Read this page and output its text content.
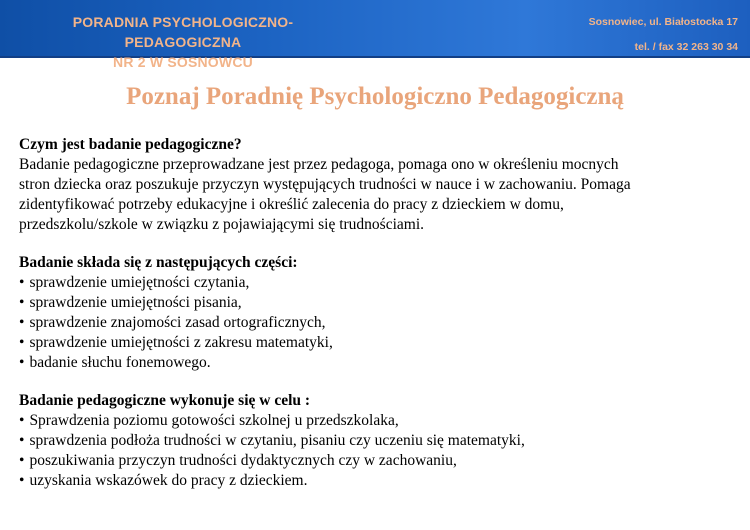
PORADNIA PSYCHOLOGICZNO- PEDAGOGICZNA
NR 2 W SOSNOWCU
Sosnowiec, ul. Białostocka 17
tel. / fax 32 263 30 34
Poznaj Poradnię Psychologiczno Pedagogiczną
Czym jest badanie pedagogiczne?

Badanie pedagogiczne przeprowadzane jest przez pedagoga, pomaga ono w określeniu mocnych
stron dziecka oraz poszukuje przyczyn występujących trudności w nauce i w zachowaniu. Pomaga
zidentyfikować potrzeby edukacyjne i określić zalecenia do pracy z dzieckiem w domu,
przedszkolu/szkole w związku z pojawiającymi się trudnościami.

Badanie składa się z następujących części:
• sprawdzenie umiejętności czytania,
• sprawdzenie umiejętności pisania,
• sprawdzenie znajomości zasad ortograficznych,
• sprawdzenie umiejętności z zakresu matematyki,
• badanie słuchu fonemowego.
Badanie pedagogiczne wykonuje się w celu :
• Sprawdzenia poziomu gotowości szkolnej u przedszkolaka,
• sprawdzenia podłoża trudności w czytaniu, pisaniu czy uczeniu się matematyki,
• poszukiwania przyczyn trudności dydaktycznych czy w zachowaniu,
• uzyskania wskazówek do pracy z dzieckiem.
